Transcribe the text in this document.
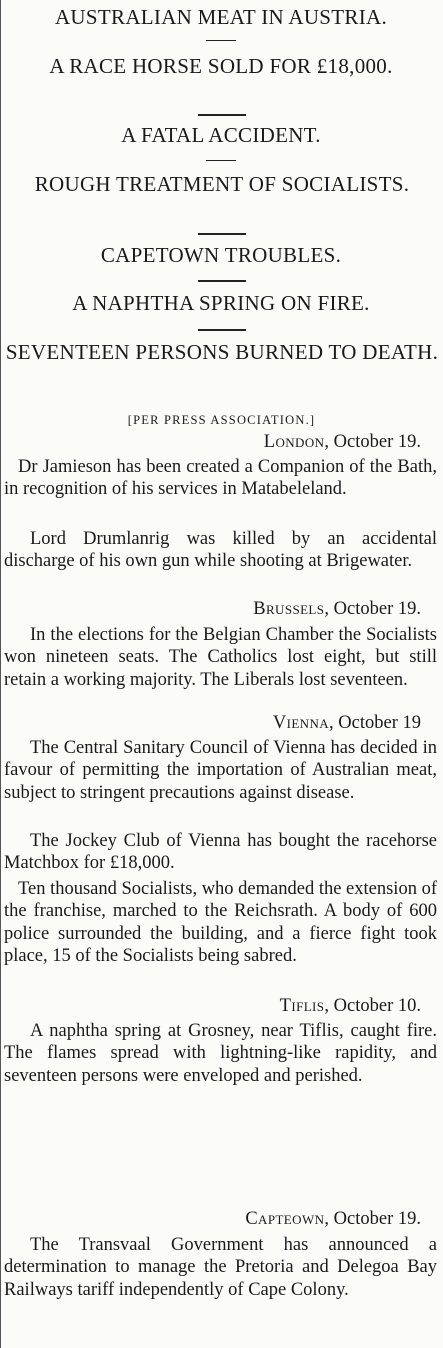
AUSTRALIAN MEAT IN AUSTRIA.
A RACE HORSE SOLD FOR £18,000.
A FATAL ACCIDENT.
ROUGH TREATMENT OF SOCIALISTS.
CAPETOWN TROUBLES.
A NAPHTHA SPRING ON FIRE.
SEVENTEEN PERSONS BURNED TO DEATH.

[PER PRESS ASSOCIATION.]

London, October 19.

Dr Jamieson has been created a Companion of the Bath, in recognition of his services in Matabeleland.

Lord Drumlanrig was killed by an accidental discharge of his own gun while shooting at Brigewater.

Brussels, October 19.

In the elections for the Belgian Chamber the Socialists won nineteen seats. The Catholics lost eight, but still retain a working majority. The Liberals lost seventeen.

Vienna, October 19

The Central Sanitary Council of Vienna has decided in favour of permitting the importation of Australian meat, subject to stringent precautions against disease.

The Jockey Club of Vienna has bought the racehorse Matchbox for £18,000.

Ten thousand Socialists, who demanded the extension of the franchise, marched to the Reichsrath. A body of 600 police surrounded the building, and a fierce fight took place, 15 of the Socialists being sabred.

Tiflis, October 10.

A naphtha spring at Grosney, near Tiflis, caught fire. The flames spread with lightning-like rapidity, and seventeen persons were enveloped and perished.

Capteown, October 19.

The Transvaal Government has announced a determination to manage the Pretoria and Delegoa Bay Railways tariff independently of Cape Colony.
